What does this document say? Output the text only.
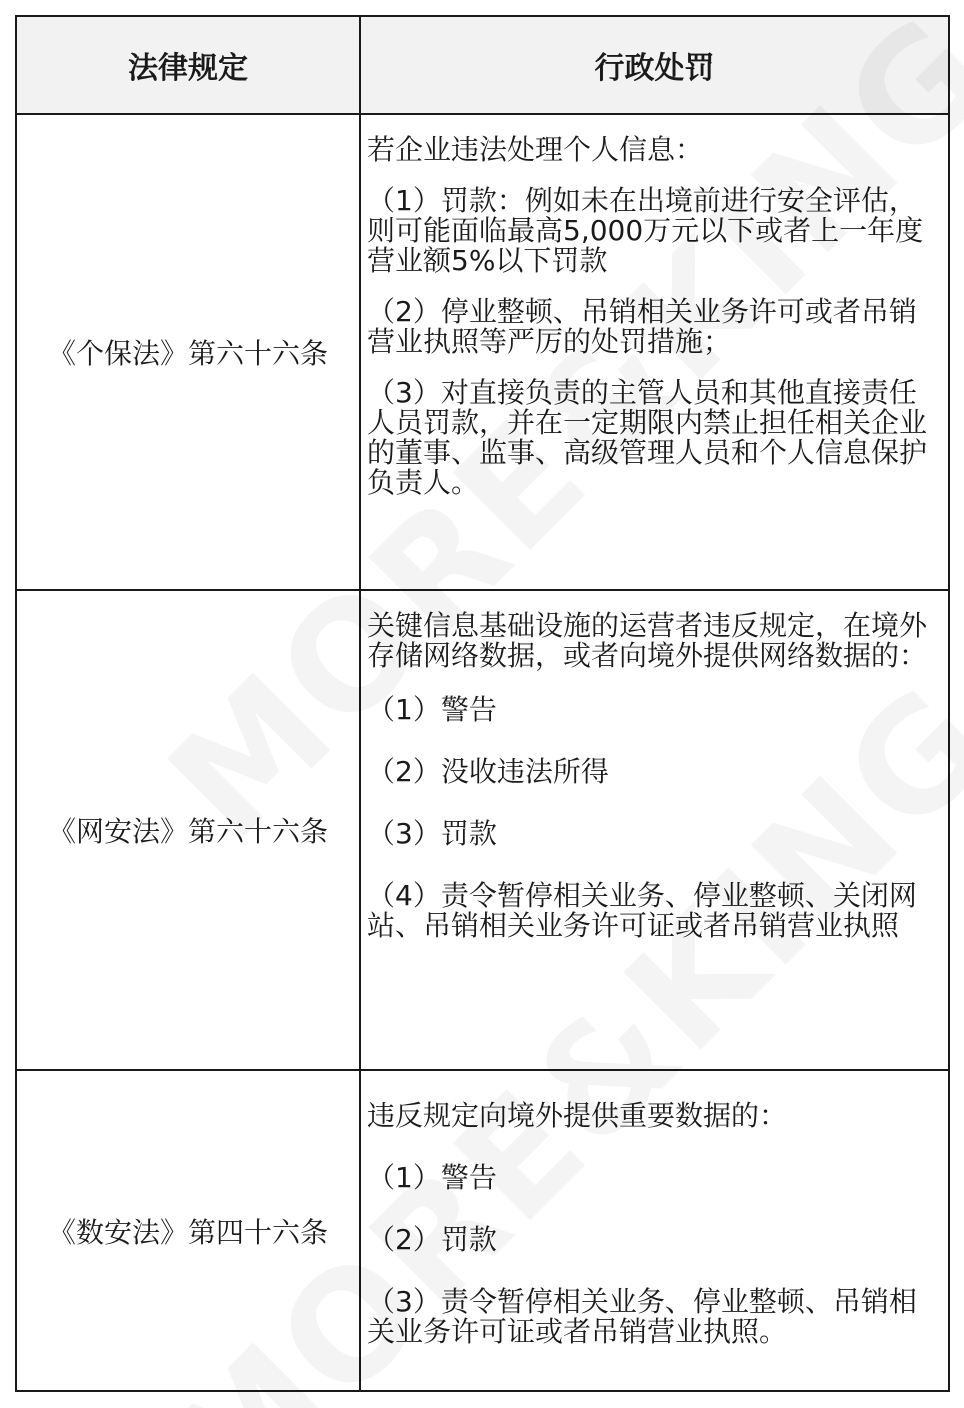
法律规定	行政处罚
《个保法》第六十六条	若企业违法处理个人信息：

（1）罚款：例如未在出境前进行安全评估，则可能面临最高5,000万元以下或者上一年度营业额5%以下罚款

（2）停业整顿、吊销相关业务许可或者吊销营业执照等严厉的处罚措施；

（3）对直接负责的主管人员和其他直接责任人员罚款，并在一定期限内禁止担任相关企业的董事、监事、高级管理人员和个人信息保护负责人。

《网安法》第六十六条	关键信息基础设施的运营者违反规定，在境外存储网络数据，或者向境外提供网络数据的：

（1）警告

（2）没收违法所得

（3）罚款

（4）责令暂停相关业务、停业整顿、关闭网站、吊销相关业务许可证或者吊销营业执照

《数安法》第四十六条	违反规定向境外提供重要数据的：

（1）警告

（2）罚款

（3）责令暂停相关业务、停业整顿、吊销相关业务许可证或者吊销营业执照。
